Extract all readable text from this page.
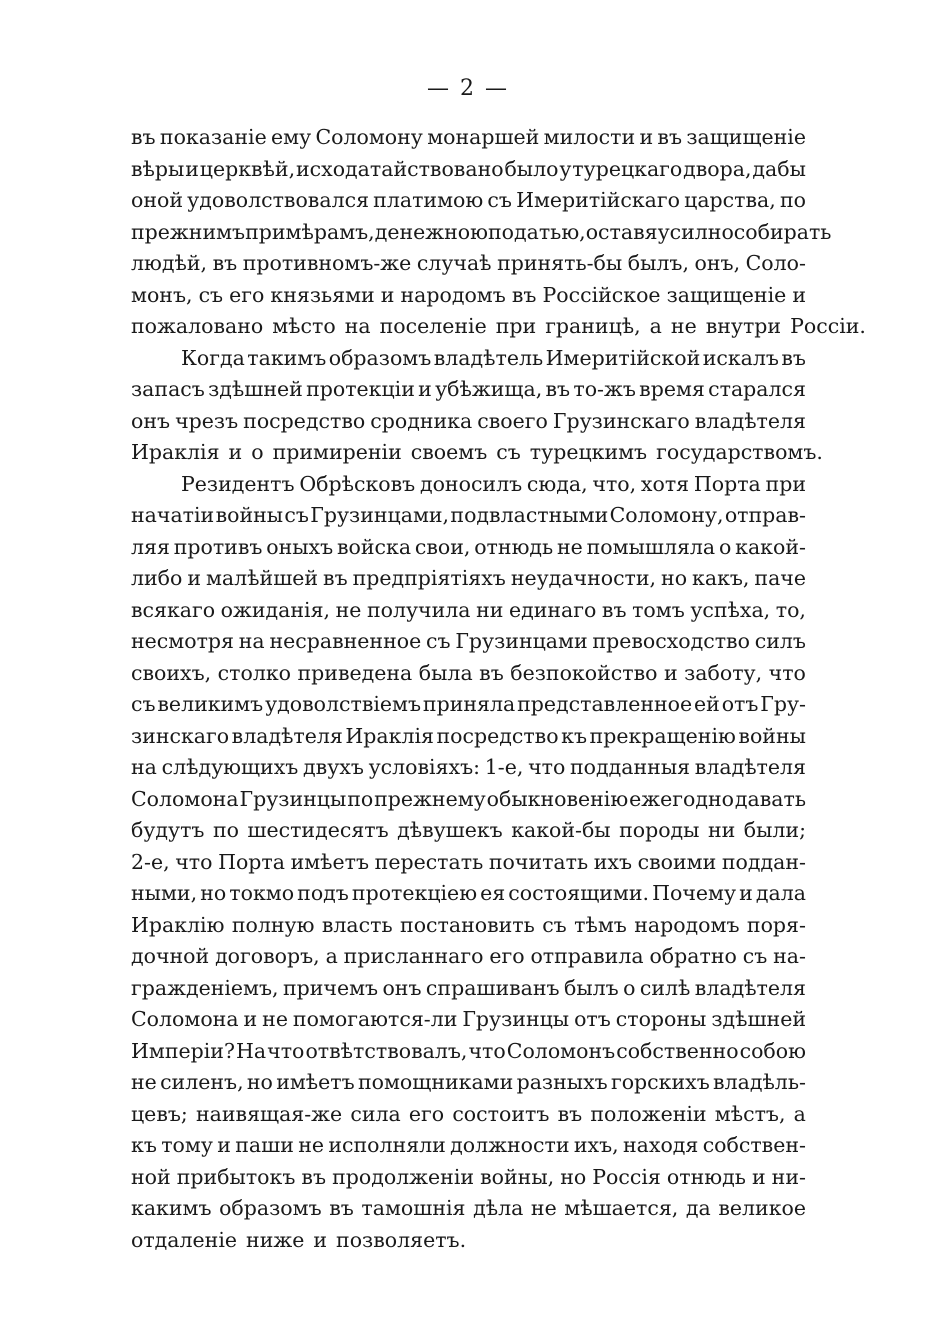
— 2 —
въ показаніе ему Соломону монаршей милости и въ защищеніе
вѣры и церквѣй, исходатайствовано было у турецкаго двора, дабы
оной удоволствовался платимою съ Имеритійскаго царства, по
прежнимъ примѣрамъ, денежною податью, оставя усилно собирать
людѣй, въ противномъ-же случаѣ принять-бы былъ, онъ, Соло-
монъ, съ его князьями и народомъ въ Россійское защищеніе и
пожаловано мѣсто на поселеніе при границѣ, а не внутри Россіи.
Когда такимъ образомъ владѣтель Имеритійской искалъ въ
запасъ здѣшней протекціи и убѣжища, въ то-жъ время старался
онъ чрезъ посредство сродника своего Грузинскаго владѣтеля
Ираклія и о примиреніи своемъ съ турецкимъ государствомъ.
Резидентъ Обрѣсковъ доносилъ сюда, что, хотя Порта при
начатіи войны съ Грузинцами, подвластными Соломону, отправ-
ляя противъ оныхъ войска свои, отнюдь не помышляла о какой-
либо и малѣйшей въ предпріятіяхъ неудачности, но какъ, паче
всякаго ожиданія, не получила ни единаго въ томъ успѣха, то,
несмотря на несравненное съ Грузинцами превосходство силъ
своихъ, столко приведена была въ безпокойство и заботу, что
съ великимъ удоволствіемъ приняла представленное ей отъ Гру-
зинскаго владѣтеля Ираклія посредство къ прекращенію войны
на слѣдующихъ двухъ условіяхъ: 1-е, что подданныя владѣтеля
Соломона Грузинцы по прежнему обыкновенію ежегодно давать
будутъ по шестидесятъ дѣвушекъ какой-бы породы ни были;
2-е, что Порта имѣетъ перестать почитать ихъ своими поддан-
ными, но токмо подъ протекціею ея состоящими. Почему и дала
Ираклію полную власть постановить съ тѣмъ народомъ поря-
дочной договоръ, а присланнаго его отправила обратно съ на-
гражденіемъ, причемъ онъ спрашиванъ былъ о силѣ владѣтеля
Соломона и не помогаются-ли Грузинцы отъ стороны здѣшней
Имперіи? На что отвѣтствовалъ, что Соломонъ собственно собою
не силенъ, но имѣетъ помощниками разныхъ горскихъ владѣль-
цевъ; наивящая-же сила его состоитъ въ положеніи мѣстъ, а
къ тому и паши не исполняли должности ихъ, находя собствен-
ной прибытокъ въ продолженіи войны, но Россія отнюдь и ни-
какимъ образомъ въ тамошнія дѣла не мѣшается, да великое
отдаленіе ниже и позволяетъ.
